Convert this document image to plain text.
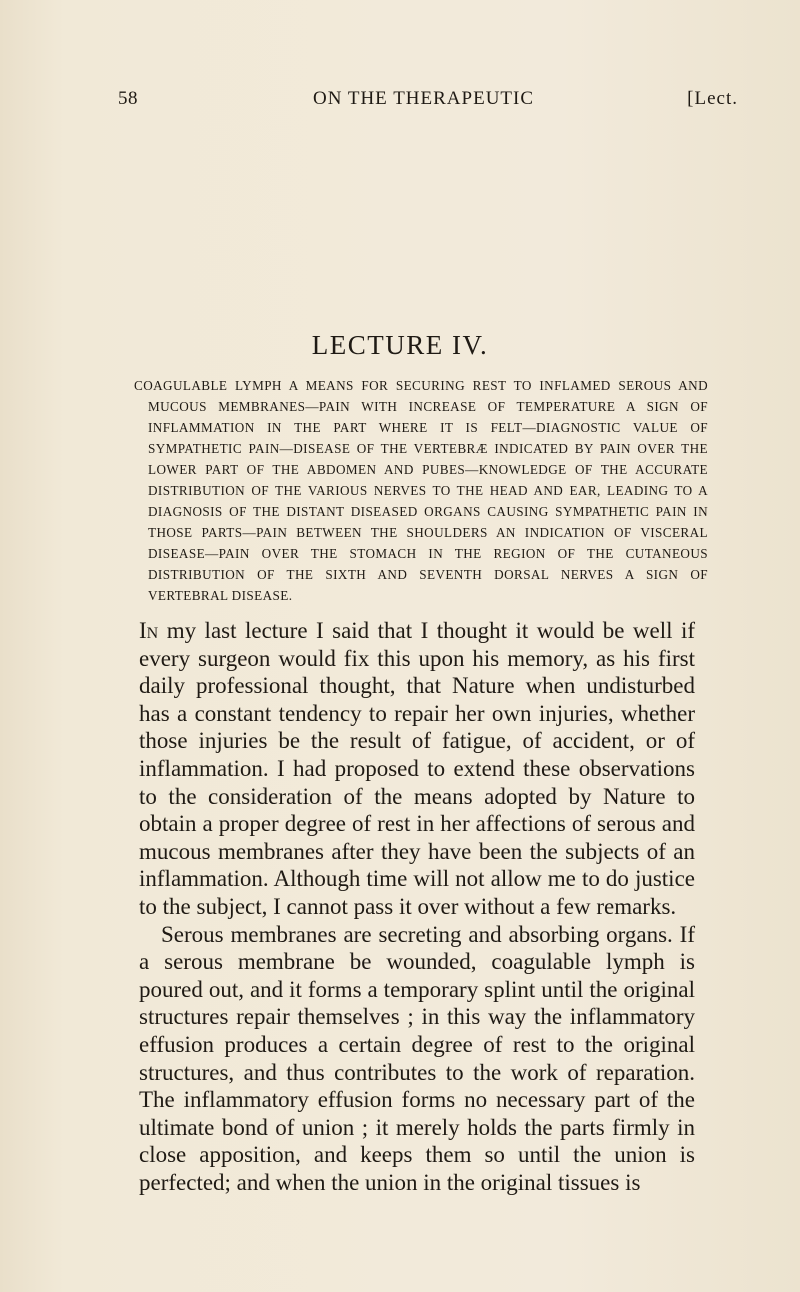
58	ON THE THERAPEUTIC	[Lect.
LECTURE IV.

COAGULABLE LYMPH A MEANS FOR SECURING REST TO INFLAMED SEROUS AND MUCOUS MEMBRANES—PAIN WITH INCREASE OF TEMPERATURE A SIGN OF INFLAMMATION IN THE PART WHERE IT IS FELT—DIAGNOSTIC VALUE OF SYMPATHETIC PAIN—DISEASE OF THE VERTEBRÆ INDICATED BY PAIN OVER THE LOWER PART OF THE ABDOMEN AND PUBES—KNOWLEDGE OF THE ACCURATE DISTRIBUTION OF THE VARIOUS NERVES TO THE HEAD AND EAR, LEADING TO A DIAGNOSIS OF THE DISTANT DISEASED ORGANS CAUSING SYMPATHETIC PAIN IN THOSE PARTS—PAIN BETWEEN THE SHOULDERS AN INDICATION OF VISCERAL DISEASE—PAIN OVER THE STOMACH IN THE REGION OF THE CUTANEOUS DISTRIBUTION OF THE SIXTH AND SEVENTH DORSAL NERVES A SIGN OF VERTEBRAL DISEASE.

In my last lecture I said that I thought it would be well if every surgeon would fix this upon his memory, as his first daily professional thought, that Nature when undisturbed has a constant tendency to repair her own injuries, whether those injuries be the result of fatigue, of accident, or of inflammation. I had proposed to extend these observations to the consideration of the means adopted by Nature to obtain a proper degree of rest in her affections of serous and mucous membranes after they have been the subjects of an inflammation. Although time will not allow me to do justice to the subject, I cannot pass it over without a few remarks.

Serous membranes are secreting and absorbing organs. If a serous membrane be wounded, coagulable lymph is poured out, and it forms a temporary splint until the original structures repair themselves ; in this way the inflammatory effusion produces a certain degree of rest to the original structures, and thus contributes to the work of reparation. The inflammatory effusion forms no necessary part of the ultimate bond of union ; it merely holds the parts firmly in close apposition, and keeps them so until the union is perfected; and when the union in the original tissues is
